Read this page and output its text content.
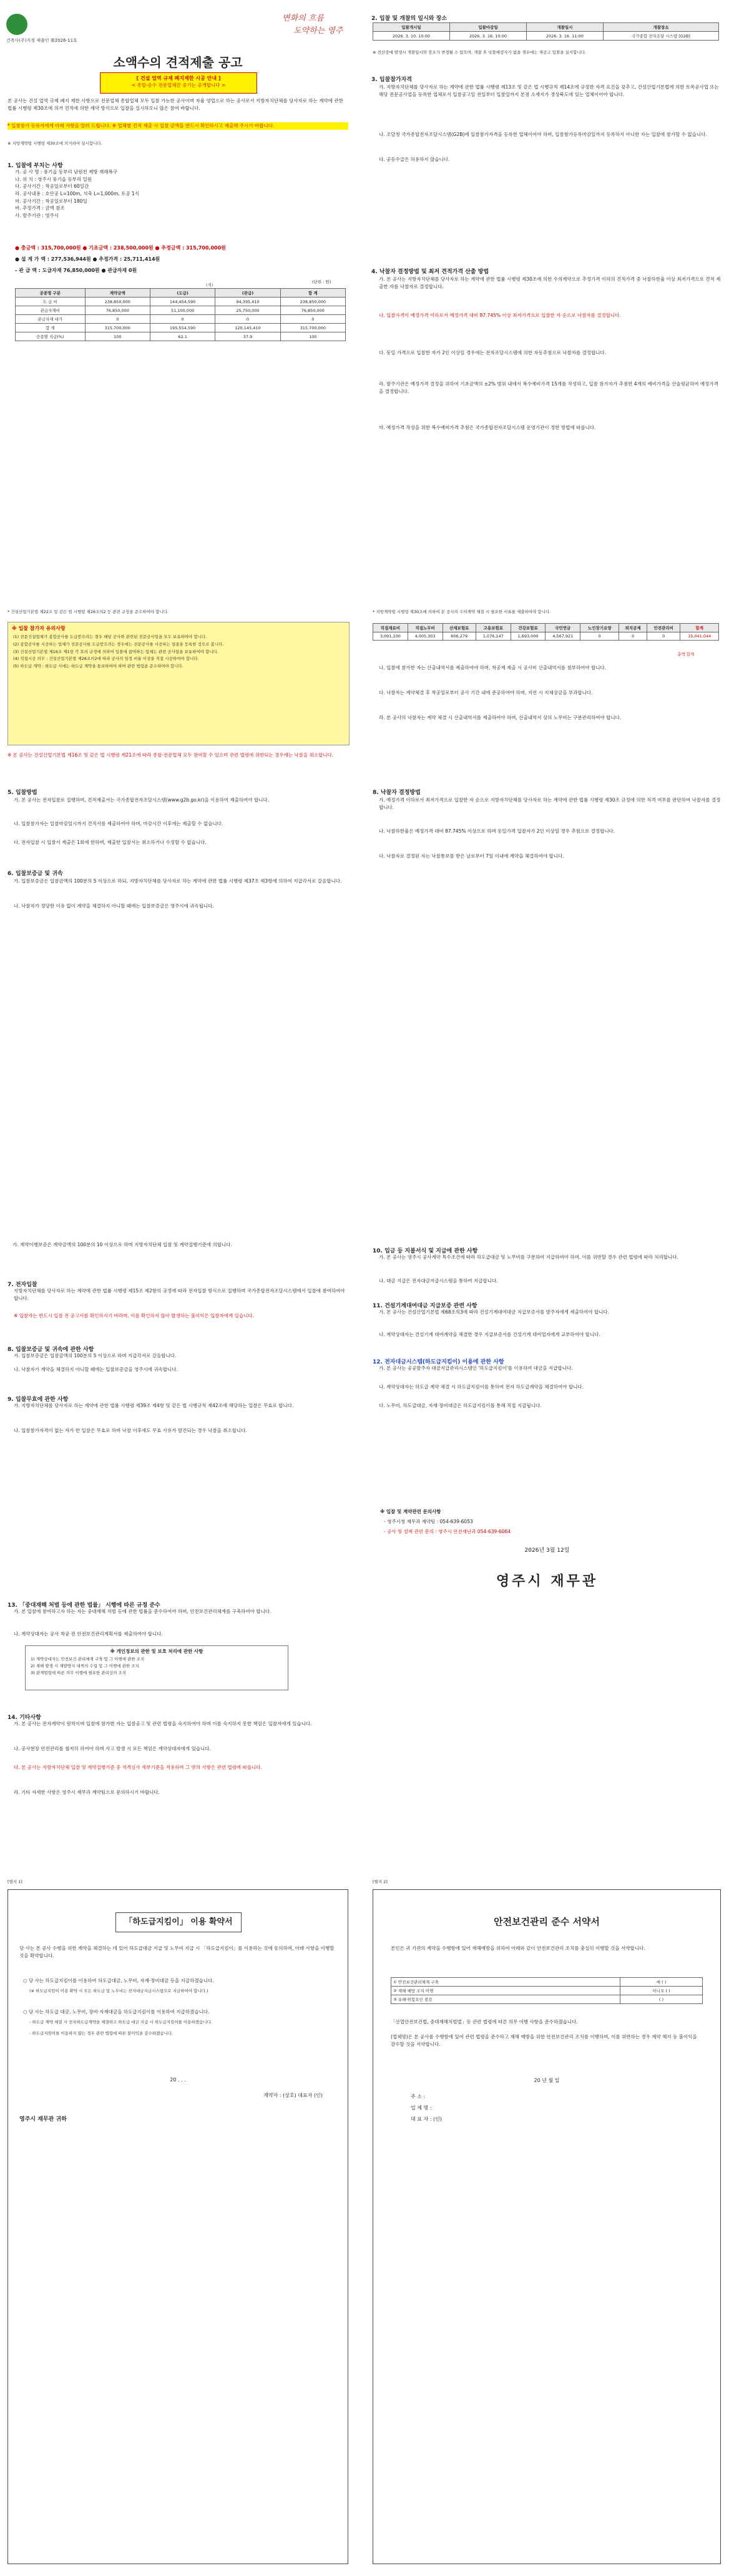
건축사(주)지정 제출인 第2026-11호
변화의 흐름
도약하는 영주
소액수의 견적제출 공고
[ 건설 업역 규제 폐지제한 시공 안내 ]
< 종합-순수 전문업체간 중기는 공개합니다 >
본 공사는 건설 업역 규제 폐지 제한 사항으로 전문업체 종합업체 모두 입찰 가능한 공사이며 자율 영업으로 하는 공사로서 지방자치단체를 당사자로 하는 계약에 관한 법률 시행령 제30조에 의거 견적에 의한 계약 방식으로 입찰을 실시하오니 많은 참여 바랍니다.
* 입찰참가 등록자에게 아래 사항을 알려 드립니다. ※ 업체별 견적 제출 시 입찰 금액을 반드시 확인하시고 제출해 주시기 바랍니다.
※ 지방계약법 시행령 제30조에 의거하여 실시합니다.
1. 입찰에 부치는 사항
가. 공 사 명 : 풍기읍 동부리 남원천 제방 재해복구
나. 위 치 : 영주시 풍기읍 동부리 일원
다. 공사기간 : 착공일로부터 60일간
라. 공사내용 : 호안공 L=100m, 석축 L=1,000m, 토공 1식
마. 공사기간 : 착공일로부터 180일
바. 추정가격 : 금액 참조
사. 발주기관 : 영주시
● 총금액 : 315,700,000원 ● 기초금액 : 238,500,000원 ● 추정금액 : 315,700,000원
● 설 계 가 액 : 277,536,944원 ● 추정가격 : 25,711,414원
- 관 급 액 : 도급자재 76,850,000원 ● 관급자재 0원
(단위 : 원)
공종명 구분	계약금액	(도급)	(관급)	합 계
도 급 비	238,850,000	144,454,590	94,395,410	238,850,000
관급자재비	76,850,000	51,100,000	25,750,000	76,850,000
관급자재 대가	0	0	0	0
합 계	315,700,000	195,554,590	120,145,410	315,700,000
공종별 지급(%)	100	62.1	37.9	100
(계)
2. 입찰 및 개찰의 일시와 장소
입찰개시일	입찰마감일	개찰일시	개찰장소
2026. 3. 10. 10:00	2026. 3. 16. 10:00	2026. 3. 16. 11:00	국가종합 전자조달 시스템 [G2B]
※ 전산장애 발생시 개찰일시와 장소가 변경될 수 있으며, 개찰 후 낙찰예정자가 없을 경우에는 재공고 입찰을 실시합니다.
3. 입찰참가자격
가. 지방자치단체를 당사자로 하는 계약에 관한 법률 시행령 제13조 및 같은 법 시행규칙 제14조에 규정한 자격 요건을 갖추고, 건설산업기본법에 의한 토목공사업 또는 해당 전문공사업을 등록한 업체로서 입찰공고일 전일부터 입찰일까지 본점 소재지가 경상북도에 있는 업체이어야 합니다.
나. 조달청 국가종합전자조달시스템(G2B)에 입찰참가자격을 등록한 업체이어야 하며, 입찰참가등록마감일까지 등록하지 아니한 자는 입찰에 참가할 수 없습니다.
다. 공동수급은 허용하지 않습니다.
4. 낙찰자 결정방법 및 최저 견적가격 산출 방법
가. 본 공사는 지방자치단체를 당사자로 하는 계약에 관한 법률 시행령 제30조에 의한 수의계약으로 추정가격 이하의 견적가격 중 낙찰하한율 이상 최저가격으로 견적 제출한 자를 낙찰자로 결정합니다.
나. 입찰가격이 예정가격 이하로서 예정가격 대비 87.745% 이상 최저가격으로 입찰한 자 순으로 낙찰자를 결정합니다.
다. 동일 가격으로 입찰한 자가 2인 이상일 경우에는 전자조달시스템에 의한 자동추첨으로 낙찰자를 결정합니다.
라. 발주기관은 예정가격 결정을 위하여 기초금액의 ±2% 범위 내에서 복수예비가격 15개를 작성하고, 입찰 참가자가 추첨한 4개의 예비가격을 산술평균하여 예정가격을 결정합니다.
마. 예정가격 작성을 위한 복수예비가격 추첨은 국가종합전자조달시스템 운영기관이 정한 방법에 따릅니다.
* 건설산업기본법 제22조 및 같은 법 시행령 제26조의2 등 관련 규정을 준수하여야 합니다.
※ 입찰 참가자 유의사항
(1) 전문건설업체가 종합공사를 도급받으려는 경우 해당 공사와 관련된 전문공사업을 모두 보유하여야 합니다.
(2) 종합공사를 시공하는 업체가 전문공사를 도급받으려는 경우에는 전문공사를 시공하는 업종을 등록한 것으로 봅니다.
(3) 건설산업기본법 제16조 제1항 각 호의 규정에 의하여 입찰에 참여하는 업체는 관련 공사업을 보유하여야 합니다.
(4) 직접시공 의무 : 건설산업기본법 제28조의2에 따라 공사의 일정 비율 이상을 직접 시공하여야 합니다.
(5) 하도급 계약 : 하도급 시에는 하도급 계약을 통보하여야 하며 관련 법령을 준수하여야 합니다.
※ 본 공사는 건설산업기본법 제16조 및 같은 법 시행령 제21조에 따라 종합·전문업체 모두 참여할 수 있으며 관련 법령에 위반되는 경우에는 낙찰을 취소합니다.
5. 입찰방법
가. 본 공사는 전자입찰로 집행하며, 견적제출서는 국가종합전자조달시스템(www.g2b.go.kr)을 이용하여 제출하여야 합니다.
나. 입찰참가자는 입찰마감일시까지 견적서를 제출하여야 하며, 마감시간 이후에는 제출할 수 없습니다.
다. 전자입찰 시 입찰서 제출은 1회에 한하며, 제출한 입찰서는 취소하거나 수정할 수 없습니다.
6. 입찰보증금 및 귀속
가. 입찰보증금은 입찰금액의 100분의 5 이상으로 하되, 지방자치단체를 당사자로 하는 계약에 관한 법률 시행령 제37조 제3항에 의하여 지급각서로 갈음합니다.
나. 낙찰자가 정당한 이유 없이 계약을 체결하지 아니할 때에는 입찰보증금은 영주시에 귀속됩니다.
* 지방계약법 시행령 제30조에 의하여 본 공사의 수의계약 체결 시 필요한 서류를 제출하여야 합니다.
직접재료비	직접노무비	산재보험료	고용보험료	건강보험료	국민연금	노인장기요양	퇴직공제	안전관리비	합계
3,091,100	4,005,303	606,279	1,076,147	1,693,000	4,567,921	0	0	0	15,041,044
총액 합계
나. 입찰에 참가한 자는 산출내역서를 제출하여야 하며, 착공계 제출 시 공사비 산출내역서를 첨부하여야 합니다.
다. 낙찰자는 계약체결 후 착공일로부터 공사 기간 내에 준공하여야 하며, 지연 시 지체상금을 부과합니다.
라. 본 공사의 낙찰자는 계약 체결 시 산출내역서를 제출하여야 하며, 산출내역서 상의 노무비는 구분관리하여야 합니다.
8. 낙찰자 결정방법
가. 예정가격 이하로서 최저가격으로 입찰한 자 순으로 지방자치단체를 당사자로 하는 계약에 관한 법률 시행령 제30조 규정에 의한 적격 여부를 판단하여 낙찰자를 결정합니다.
나. 낙찰하한율은 예정가격 대비 87.745% 이상으로 하며 동일가격 입찰자가 2인 이상일 경우 추첨으로 결정합니다.
다. 낙찰자로 결정된 자는 낙찰통보를 받은 날로부터 7일 이내에 계약을 체결하여야 합니다.
가. 계약이행보증은 계약금액의 100분의 10 이상으로 하며 지방자치단체 입찰 및 계약집행기준에 의합니다.
7. 전자입찰
지방자치단체를 당사자로 하는 계약에 관한 법률 시행령 제15조 제2항의 규정에 따라 전자입찰 방식으로 집행하며 국가종합전자조달시스템에서 입찰에 참여하여야 합니다.
※ 입찰자는 반드시 입찰 전 공고서를 확인하시기 바라며, 이를 확인하지 않아 발생하는 불이익은 입찰자에게 있습니다.
8. 입찰보증금 및 귀속에 관한 사항
가. 입찰보증금은 입찰금액의 100분의 5 이상으로 하며 지급각서로 갈음합니다.
나. 낙찰자가 계약을 체결하지 아니할 때에는 입찰보증금을 영주시에 귀속합니다.
9. 입찰무효에 관한 사항
가. 지방자치단체를 당사자로 하는 계약에 관한 법률 시행령 제39조 제4항 및 같은 법 시행규칙 제42조에 해당하는 입찰은 무효로 합니다.
나. 입찰참가자격이 없는 자가 한 입찰은 무효로 하며 낙찰 이후에도 무효 사유가 발견되는 경우 낙찰을 취소합니다.
13. 「중대재해 처벌 등에 관한 법률」 시행에 따른 규정 준수
가. 본 입찰에 참여하고자 하는 자는 중대재해 처벌 등에 관한 법률을 준수하여야 하며, 안전보건관리체계를 구축하여야 합니다.
나. 계약상대자는 공사 착공 전 안전보건관리계획서를 제출하여야 합니다.
※ 개인정보의 관한 및 보호 처리에 관한 사항
1) 계약상대자는 안전보건 관리체계 구축 및 그 이행에 관한 조치
2) 재해 발생 시 재발방지 대책의 수립 및 그 이행에 관한 조치
3) 관계법령에 따른 의무 이행에 필요한 관리상의 조치
14. 기타사항
가. 본 공사는 전자계약이 원칙이며 입찰에 참가한 자는 입찰공고 및 관련 법령을 숙지하여야 하며 이를 숙지하지 못한 책임은 입찰자에게 있습니다.
나. 공사현장 안전관리를 철저히 하여야 하며 사고 발생 시 모든 책임은 계약상대자에게 있습니다.
다. 본 공사는 지방자치단체 입찰 및 계약집행기준 중 적격심사 세부기준을 적용하며 그 밖의 사항은 관련 법령에 따릅니다.
라. 기타 자세한 사항은 영주시 재무과 계약팀으로 문의하시기 바랍니다.
10. 입금 등 지불서식 및 지급에 관한 사항
가. 본 공사는 영주시 공사계약 특수조건에 따라 하도급대금 및 노무비를 구분하여 지급하여야 하며, 이를 위반할 경우 관련 법령에 따라 처리합니다.
나. 대금 지급은 전자대금지급시스템을 통하여 지급합니다.
11. 건설기계대여대금 지급보증 관련 사항
가. 본 공사는 건설산업기본법 제68조의3에 따라 건설기계대여대금 지급보증서를 발주자에게 제출하여야 합니다.
나. 계약상대자는 건설기계 대여계약을 체결한 경우 지급보증서를 건설기계 대여업자에게 교부하여야 합니다.
12. 전자대금시스템(하도급지킴이) 이용에 관한 사항
가. 본 공사는 공공발주자 대금지급관리시스템인 '하도급지킴이'를 이용하여 대금을 지급합니다.
나. 계약상대자는 하도급 계약 체결 시 하도급지킴이를 통하여 전자 하도급계약을 체결하여야 합니다.
다. 노무비, 하도급대금, 자재·장비대금은 하도급지킴이를 통해 직접 지급됩니다.
※ 입찰 및 계약관련 문의사항
- 영주시청 재무과 계약팀 : 054-639-6053
- 공사 및 설계 관련 문의 : 영주시 안전재난과 054-639-6064
2026년 3월 12일
영주시 재무관
[별지 1]
「하도급지킴이」 이용 확약서
당 사는 본 공사 수행을 위한 계약을 체결하는 데 있어 하도급대금 지급 및 노무비 지급 시 「하도급지킴이」를 이용하는 것에 동의하며, 아래 사항을 이행할 것을 확약합니다.
○ 당 사는 하도급지킴이를 이용하여 하도급대금, 노무비, 자재·장비대금 등을 지급하겠습니다.
(※ 하도급지킴이 이용 확약 시 모든 하도급 및 노무비는 전자대금지급시스템으로 지급하여야 합니다.)
○ 당 사는 하도급 대금, 노무비, 장비·자재대금을 하도급지킴이를 이용하여 지급하겠습니다.
- 하도급 계약 체결 시 전자하도급계약을 체결하고 하도급 대금 지급 시 하도급지킴이를 이용하겠습니다.
- 하도급지킴이를 이용하지 않는 경우 관련 법령에 따른 불이익을 감수하겠습니다.
20 . . .
계약자 : (상호) 대표자 (인)
영주시 재무관 귀하
[별지 2]
안전보건관리 준수 서약서
본인은 귀 기관의 계약을 수행함에 있어 재해예방을 위하여 아래와 같이 안전보건관리 조치를 충실히 이행할 것을 서약합니다.
① 안전보건관리체계 구축	예 ( )
② 재해 예방 조치 이행	아니오 ( )
③ 유해·위험요인 점검	( )
「산업안전보건법, 중대재해처벌법」등 관련 법령에 따른 의무 이행 사항을 준수하겠습니다.
(업체명)은 본 공사를 수행함에 있어 관련 법령을 준수하고 재해 예방을 위한 안전보건관리 조치를 이행하며, 이를 위반하는 경우 계약 해지 등 불이익을 감수할 것을 서약합니다.
20 년 월 일
주 소 :
업 체 명 :
대 표 자 : (인)
